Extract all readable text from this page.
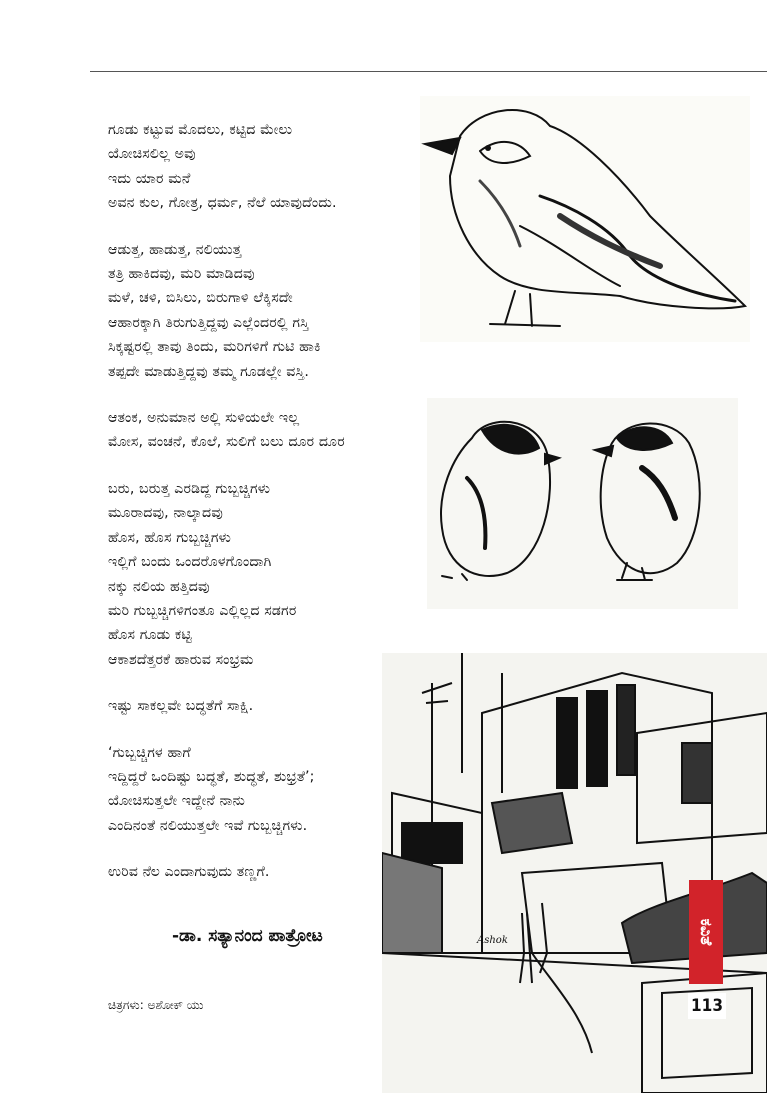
ಗೂಡು ಕಟ್ಟುವ ಮೊದಲು, ಕಟ್ಟಿದ ಮೇಲು
ಯೋಚಿಸಲಿಲ್ಲ ಅವು
ಇದು ಯಾರ ಮನೆ
ಅವನ ಕುಲ, ಗೋತ್ರ, ಧರ್ಮ, ನೆಲೆ ಯಾವುದೆಂದು.
ಆಡುತ್ತ, ಹಾಡುತ್ತ, ನಲಿಯುತ್ತ
ತತ್ರಿ ಹಾಕಿದವು, ಮರಿ ಮಾಡಿದವು
ಮಳೆ, ಚಳಿ, ಬಿಸಿಲು, ಬಿರುಗಾಳಿ ಲೆಕ್ಕಿಸದೇ
ಆಹಾರಕ್ಕಾಗಿ ತಿರುಗುತ್ತಿದ್ದವು ಎಲ್ಲೆಂದರಲ್ಲಿ ಗಸ್ತಿ
ಸಿಕ್ಕಷ್ಟರಲ್ಲಿ ತಾವು ತಿಂದು, ಮರಿಗಳಿಗೆ ಗುಟಿ ಹಾಕಿ
ತಪ್ಪದೇ ಮಾಡುತ್ತಿದ್ದವು ತಮ್ಮ ಗೂಡಲ್ಲೇ ವಸ್ತಿ.
ಆತಂಕ, ಅನುಮಾನ ಅಲ್ಲಿ ಸುಳಿಯಲೇ ಇಲ್ಲ
ಮೋಸ, ವಂಚನೆ, ಕೊಲೆ, ಸುಲಿಗೆ ಬಲು ದೂರ ದೂರ
ಬರು, ಬರುತ್ತ ಎರಡಿದ್ದ ಗುಬ್ಬಚ್ಚಿಗಳು
ಮೂರಾದವು, ನಾಲ್ಕಾದವು
ಹೊಸ, ಹೊಸ ಗುಬ್ಬಚ್ಚಿಗಳು
ಇಲ್ಲಿಗೆ ಬಂದು ಒಂದರೊಳಗೊಂದಾಗಿ
ನಕ್ಕು ನಲಿಯ ಹತ್ತಿದವು
ಮರಿ ಗುಬ್ಬಚ್ಚಿಗಳಿಗಂತೂ ಎಲ್ಲಿಲ್ಲದ ಸಡಗರ
ಹೊಸ ಗೂಡು ಕಟ್ಟಿ
ಆಕಾಶದೆತ್ತರಕೆ ಹಾರುವ ಸಂಭ್ರಮ
ಇಷ್ಟು ಸಾಕಲ್ಲವೇ ಬದ್ಧತೆಗೆ ಸಾಕ್ಷಿ.
‘ಗುಬ್ಬಚ್ಚಿಗಳ ಹಾಗೆ
ಇದ್ದಿದ್ದರೆ ಒಂದಿಷ್ಟು ಬದ್ಧತೆ, ಶುದ್ಧತೆ, ಶುಭ್ರತೆ’;
ಯೋಚಿಸುತ್ತಲೇ ಇದ್ದೇನೆ ನಾನು
ಎಂದಿನಂತೆ ನಲಿಯುತ್ತಲೇ ಇವೆ ಗುಬ್ಬಚ್ಚಿಗಳು.
ಉರಿವ ನೆಲ ಎಂದಾಗುವುದು ತಣ್ಣಗೆ.
-ಡಾ. ಸತ್ಯಾನಂದ ಪಾತ್ರೋಟ
ಚಿತ್ರಗಳು: ಅಶೋಕ್ ಯು
Ashok	ಕವಿತೆ
113
